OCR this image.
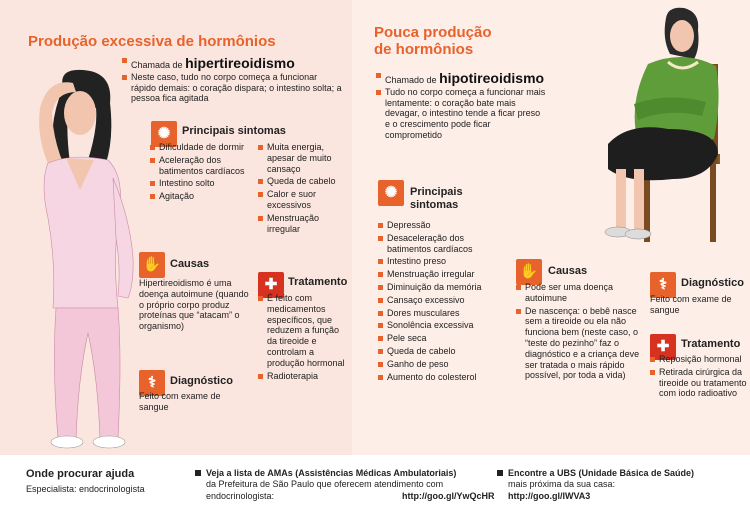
Produção excessiva de hormônios
Chamada de hipertireoidismo
Neste caso, tudo no corpo começa a funcionar rápido demais: o coração dispara; o intestino solta; a pessoa fica agitada
✺	Principais sintomas
Dificuldade de dormir
Aceleração dos batimentos cardíacos
Intestino solto
Agitação
Muita energia, apesar de muito cansaço
Queda de cabelo
Calor e suor excessivos
Menstruação irregular
✋ Causas
Hipertireoidismo é uma doença autoimune (quando o próprio corpo produz proteínas que “atacam” o organismo)
✚ Tratamento
É feito com medicamentos específicos, que reduzem a função da tireoide e controlam a produção hormonal
Radioterapia
⚕	Diagnóstico
Feito com exame de sangue
Pouca produção
de hormônios
Chamado de hipotireoidismo
Tudo no corpo começa a funcionar mais lentamente: o coração bate mais devagar, o intestino tende a ficar preso e o crescimento pode ficar comprometido
✺	Principais
sintomas
Depressão
Desaceleração dos batimentos cardíacos
Intestino preso
Menstruação irregular
Diminuição da memória
Cansaço excessivo
Dores musculares
Sonolência excessiva
Pele seca
Queda de cabelo
Ganho de peso
Aumento do colesterol
✋ Causas
Pode ser uma doença autoimune
De nascença: o bebê nasce sem a tireoide ou ela não funciona bem (neste caso, o “teste do pezinho” faz o diagnóstico e a criança deve ser tratada o mais rápido possível, por toda a vida)
⚕	Diagnóstico
Feito com exame de sangue
✚	Tratamento
Reposição hormonal
Retirada cirúrgica da tireoide ou tratamento com iodo radioativo
Onde procurar ajuda
Especialista: endocrinologista
Veja a lista de AMAs (Assistências Médicas Ambulatoriais)
da Prefeitura de São Paulo que oferecem atendimento com endocrinologista:	http://goo.gl/YwQcHR
Encontre a UBS (Unidade Básica de Saúde)
mais próxima da sua casa:
http://goo.gl/IWVA3
